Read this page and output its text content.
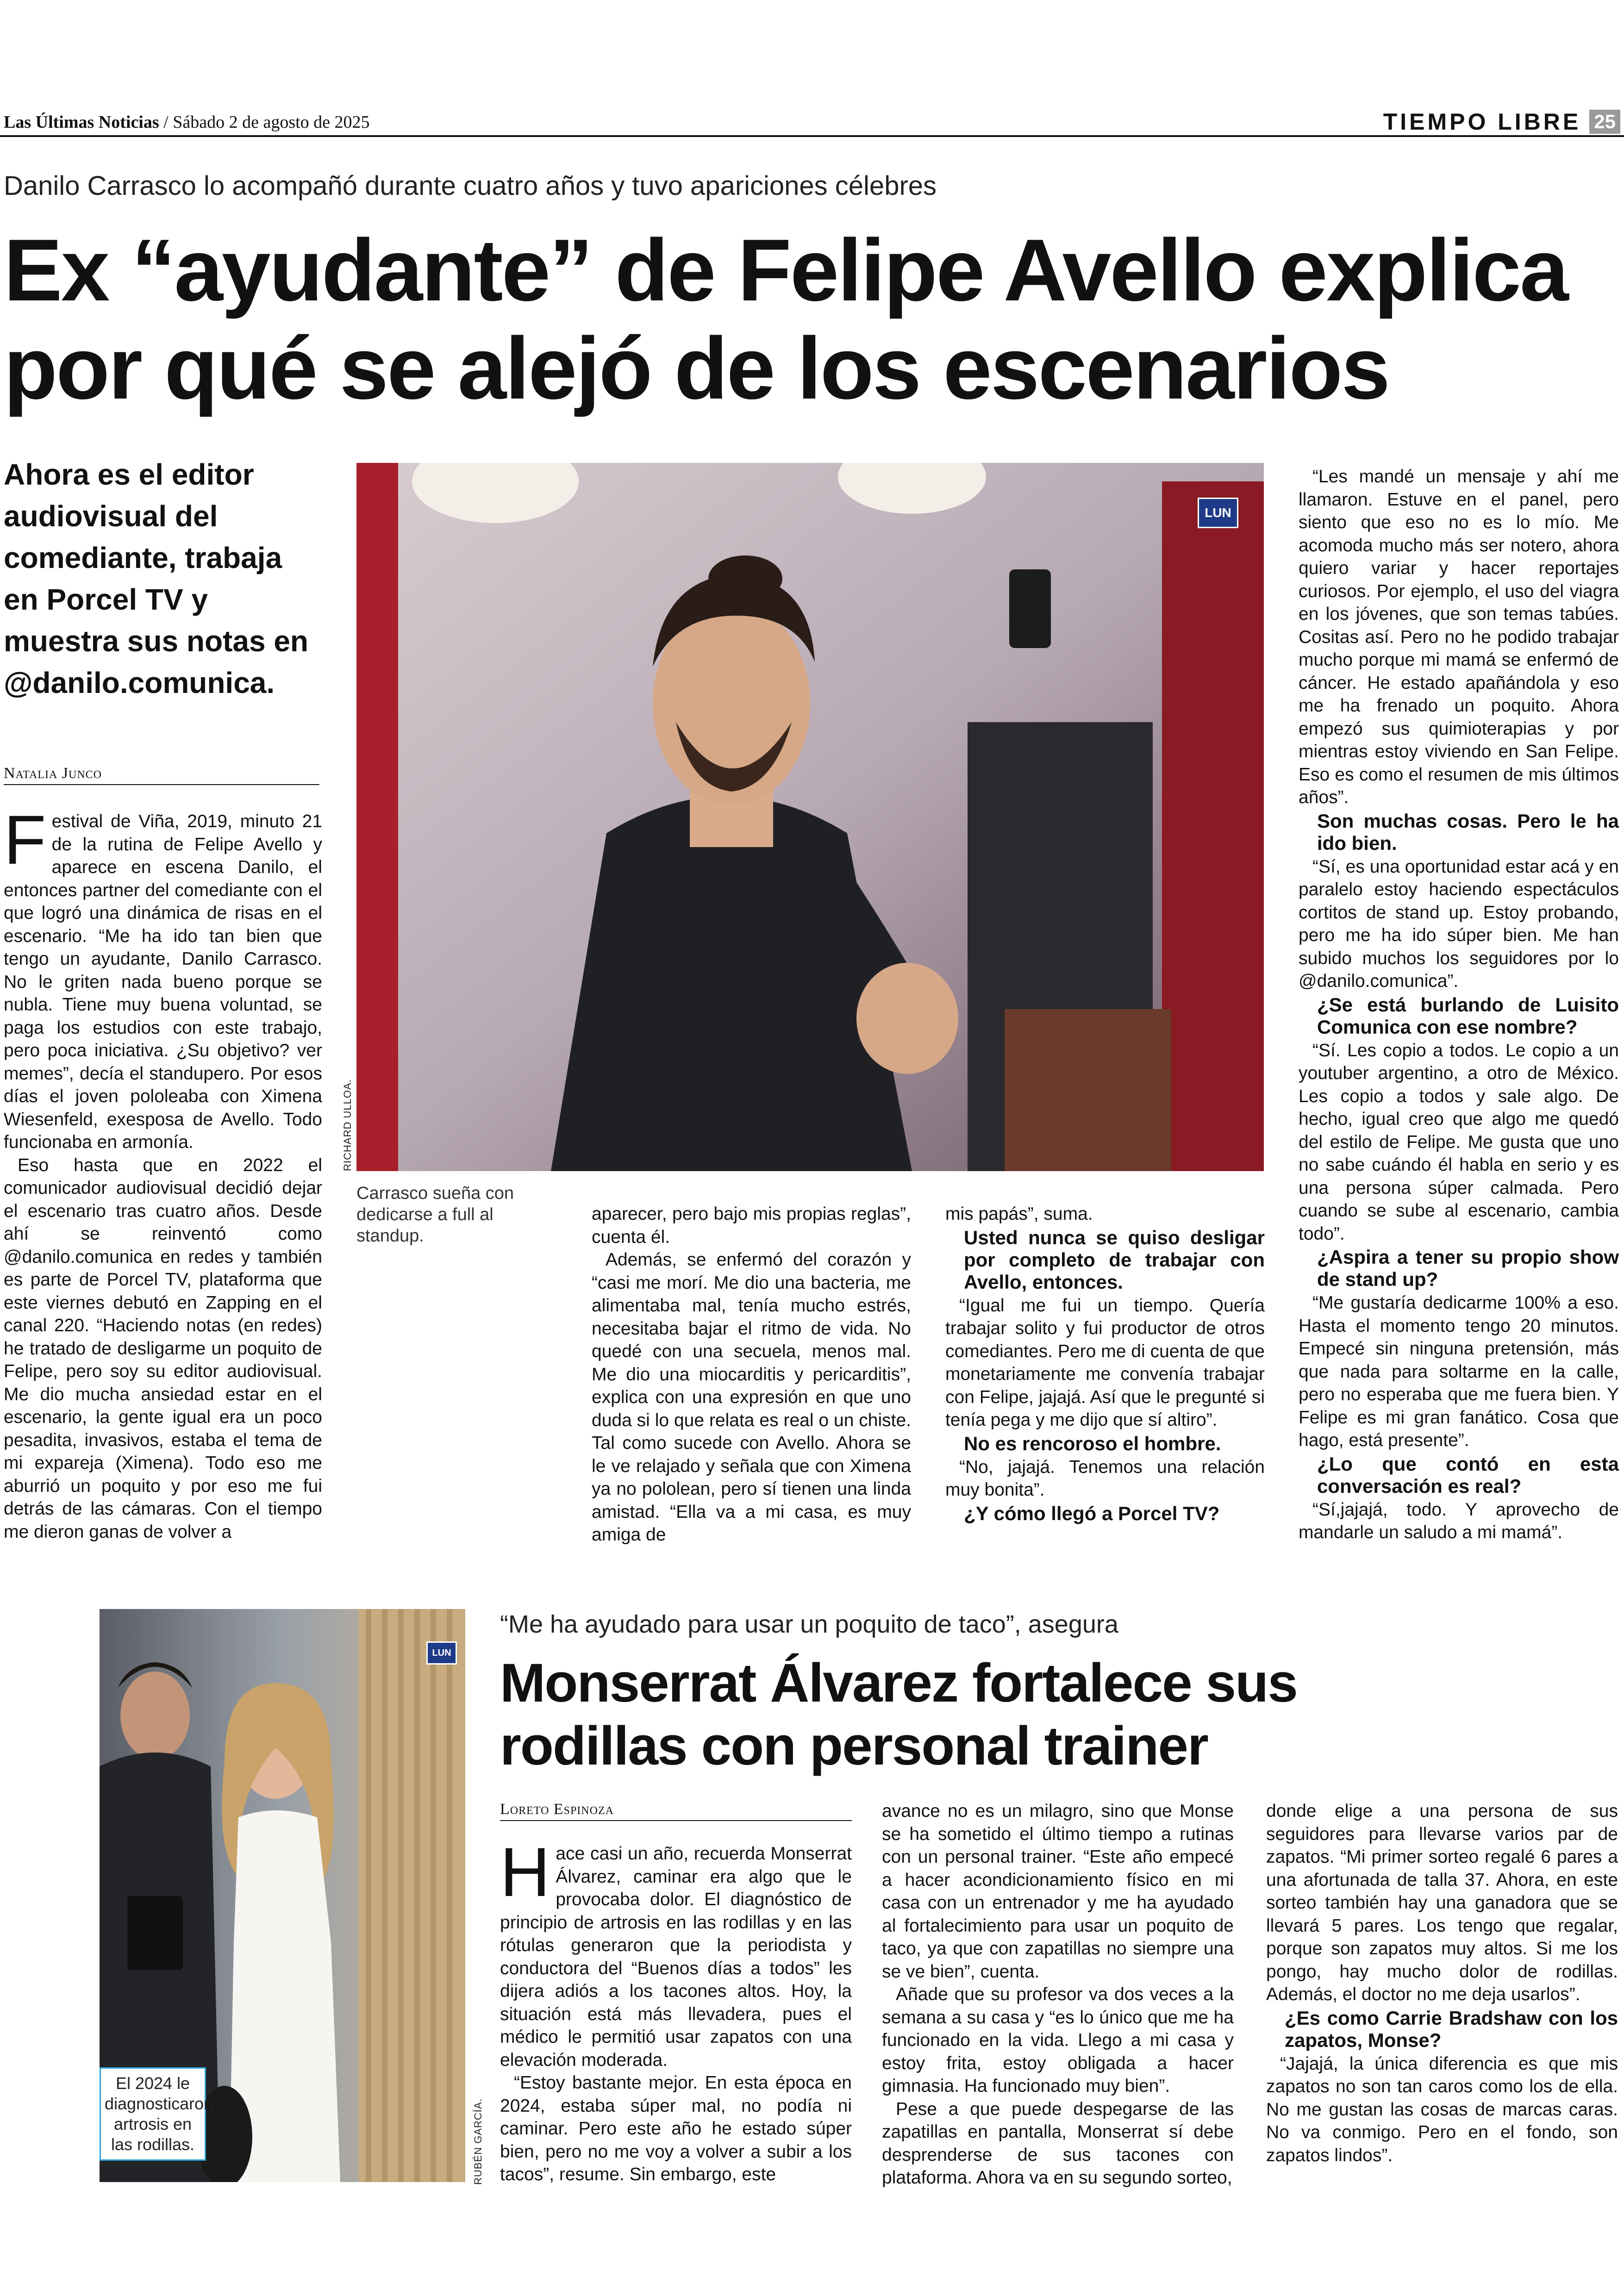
Las Últimas Noticias / Sábado 2 de agosto de 2025	TIEMPO LIBRE 25
Danilo Carrasco lo acompañó durante cuatro años y tuvo apariciones célebres
Ex “ayudante” de Felipe Avello explica
por qué se alejó de los escenarios
Ahora es el editor audiovisual del comediante, trabaja en Porcel TV y muestra sus notas en @danilo.comunica.
Natalia Junco
LUN
RICHARD ULLOA.
Carrasco sueña con dedicarse a full al standup.
F estival de Viña, 2019, minuto 21 de la rutina de Felipe Avello y aparece en escena Danilo, el entonces partner del comediante con el que logró una dinámica de risas en el escenario. “Me ha ido tan bien que tengo un ayudante, Danilo Carrasco. No le griten nada bueno porque se nubla. Tiene muy buena voluntad, se paga los estudios con este trabajo, pero poca iniciativa. ¿Su objetivo? ver memes”, decía el standupero. Por esos días el joven pololeaba con Ximena Wiesenfeld, exesposa de Avello. Todo funcionaba en armonía.

Eso hasta que en 2022 el comunicador audiovisual decidió dejar el escenario tras cuatro años. Desde ahí se reinventó como @danilo.comunica en redes y también es parte de Porcel TV, plataforma que este viernes debutó en Zapping en el canal 220. “Haciendo notas (en redes) he tratado de desligarme un poquito de Felipe, pero soy su editor audiovisual. Me dio mucha ansiedad estar en el escenario, la gente igual era un poco pesadita, invasivos, estaba el tema de mi expareja (Ximena). Todo eso me aburrió un poquito y por eso me fui detrás de las cámaras. Con el tiempo me dieron ganas de volver a

aparecer, pero bajo mis propias reglas”, cuenta él.

Además, se enfermó del corazón y “casi me morí. Me dio una bacteria, me alimentaba mal, tenía mucho estrés, necesitaba bajar el ritmo de vida. No quedé con una secuela, menos mal. Me dio una miocarditis y pericarditis”, explica con una expresión en que uno duda si lo que relata es real o un chiste. Tal como sucede con Avello. Ahora se le ve relajado y señala que con Ximena ya no pololean, pero sí tienen una linda amistad. “Ella va a mi casa, es muy amiga de

mis papás”, suma.

Usted nunca se quiso desligar por completo de trabajar con Avello, entonces.

“Igual me fui un tiempo. Quería trabajar solito y fui productor de otros comediantes. Pero me di cuenta de que monetariamente me convenía trabajar con Felipe, jajajá. Así que le pregunté si tenía pega y me dijo que sí altiro”.

No es rencoroso el hombre.

“No, jajajá. Tenemos una relación muy bonita”.

¿Y cómo llegó a Porcel TV?

“Les mandé un mensaje y ahí me llamaron. Estuve en el panel, pero siento que eso no es lo mío. Me acomoda mucho más ser notero, ahora quiero variar y hacer reportajes curiosos. Por ejemplo, el uso del viagra en los jóvenes, que son temas tabúes. Cositas así. Pero no he podido trabajar mucho porque mi mamá se enfermó de cáncer. He estado apañándola y eso me ha frenado un poquito. Ahora empezó sus quimioterapias y por mientras estoy viviendo en San Felipe. Eso es como el resumen de mis últimos años”.

Son muchas cosas. Pero le ha ido bien.

“Sí, es una oportunidad estar acá y en paralelo estoy haciendo espectáculos cortitos de stand up. Estoy probando, pero me ha ido súper bien. Me han subido muchos los seguidores por lo @danilo.comunica”.

¿Se está burlando de Luisito Comunica con ese nombre?

“Sí. Les copio a todos. Le copio a un youtuber argentino, a otro de México. Les copio a todos y sale algo. De hecho, igual creo que algo me quedó del estilo de Felipe. Me gusta que uno no sabe cuándo él habla en serio y es una persona súper calmada. Pero cuando se sube al escenario, cambia todo”.

¿Aspira a tener su propio show de stand up?

“Me gustaría dedicarme 100% a eso. Hasta el momento tengo 20 minutos. Empecé sin ninguna pretensión, más que nada para soltarme en la calle, pero no esperaba que me fuera bien. Y Felipe es mi gran fanático. Cosa que hago, está presente”.

¿Lo que contó en esta conversación es real?

“Sí,jajajá, todo. Y aprovecho de mandarle un saludo a mi mamá”.

LUN
El 2024 le diagnosticaron artrosis en las rodillas.	RUBÉN GARCÍA.
“Me ha ayudado para usar un poquito de taco”, asegura
Monserrat Álvarez fortalece sus
rodillas con personal trainer
Loreto Espinoza
H ace casi un año, recuerda Monserrat Álvarez, caminar era algo que le provocaba dolor. El diagnóstico de principio de artrosis en las rodillas y en las rótulas generaron que la periodista y conductora del “Buenos días a todos” les dijera adiós a los tacones altos. Hoy, la situación está más llevadera, pues el médico le permitió usar zapatos con una elevación moderada.

“Estoy bastante mejor. En esta época en 2024, estaba súper mal, no podía ni caminar. Pero este año he estado súper bien, pero no me voy a volver a subir a los tacos”, resume. Sin embargo, este

avance no es un milagro, sino que Monse se ha sometido el último tiempo a rutinas con un personal trainer. “Este año empecé a hacer acondicionamiento físico en mi casa con un entrenador y me ha ayudado al fortalecimiento para usar un poquito de taco, ya que con zapatillas no siempre una se ve bien”, cuenta.

Añade que su profesor va dos veces a la semana a su casa y “es lo único que me ha funcionado en la vida. Llego a mi casa y estoy frita, estoy obligada a hacer gimnasia. Ha funcionado muy bien”.

Pese a que puede despegarse de las zapatillas en pantalla, Monserrat sí debe desprenderse de sus tacones con plataforma. Ahora va en su segundo sorteo,

donde elige a una persona de sus seguidores para llevarse varios par de zapatos. “Mi primer sorteo regalé 6 pares a una afortunada de talla 37. Ahora, en este sorteo también hay una ganadora que se llevará 5 pares. Los tengo que regalar, porque son zapatos muy altos. Si me los pongo, hay mucho dolor de rodillas. Además, el doctor no me deja usarlos”.

¿Es como Carrie Bradshaw con los zapatos, Monse?

“Jajajá, la única diferencia es que mis zapatos no son tan caros como los de ella. No me gustan las cosas de marcas caras. No va conmigo. Pero en el fondo, son zapatos lindos”.
